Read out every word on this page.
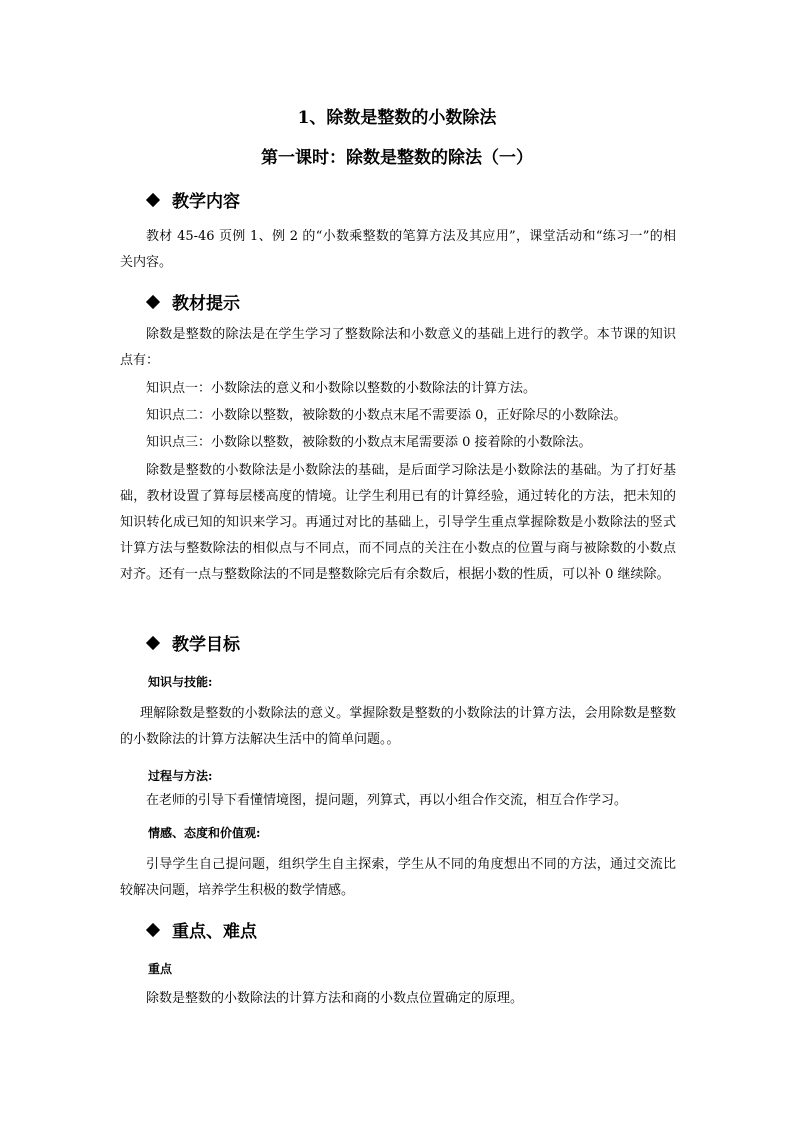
1、除数是整数的小数除法
第一课时：除数是整数的除法（一）
教学内容
教材 45-46 页例 1、例 2 的“小数乘整数的笔算方法及其应用”，课堂活动和“练习一”的相关内容。
教材提示
除数是整数的除法是在学生学习了整数除法和小数意义的基础上进行的教学。本节课的知识点有：
知识点一：小数除法的意义和小数除以整数的小数除法的计算方法。
知识点二：小数除以整数，被除数的小数点末尾不需要添 0，正好除尽的小数除法。
知识点三：小数除以整数，被除数的小数点末尾需要添 0 接着除的小数除法。
除数是整数的小数除法是小数除法的基础，是后面学习除法是小数除法的基础。为了打好基础，教材设置了算每层楼高度的情境。让学生利用已有的计算经验，通过转化的方法，把未知的知识转化成已知的知识来学习。再通过对比的基础上，引导学生重点掌握除数是小数除法的竖式计算方法与整数除法的相似点与不同点，而不同点的关注在小数点的位置与商与被除数的小数点对齐。还有一点与整数除法的不同是整数除完后有余数后，根据小数的性质，可以补 0 继续除。
教学目标
知识与技能:
理解除数是整数的小数除法的意义。掌握除数是整数的小数除法的计算方法，会用除数是整数的小数除法的计算方法解决生活中的简单问题。。
过程与方法:
在老师的引导下看懂情境图，提问题，列算式，再以小组合作交流，相互合作学习。
情感、态度和价值观:
引导学生自己提问题，组织学生自主探索，学生从不同的角度想出不同的方法，通过交流比较解决问题，培养学生积极的数学情感。
重点、难点
重点
除数是整数的小数除法的计算方法和商的小数点位置确定的原理。
